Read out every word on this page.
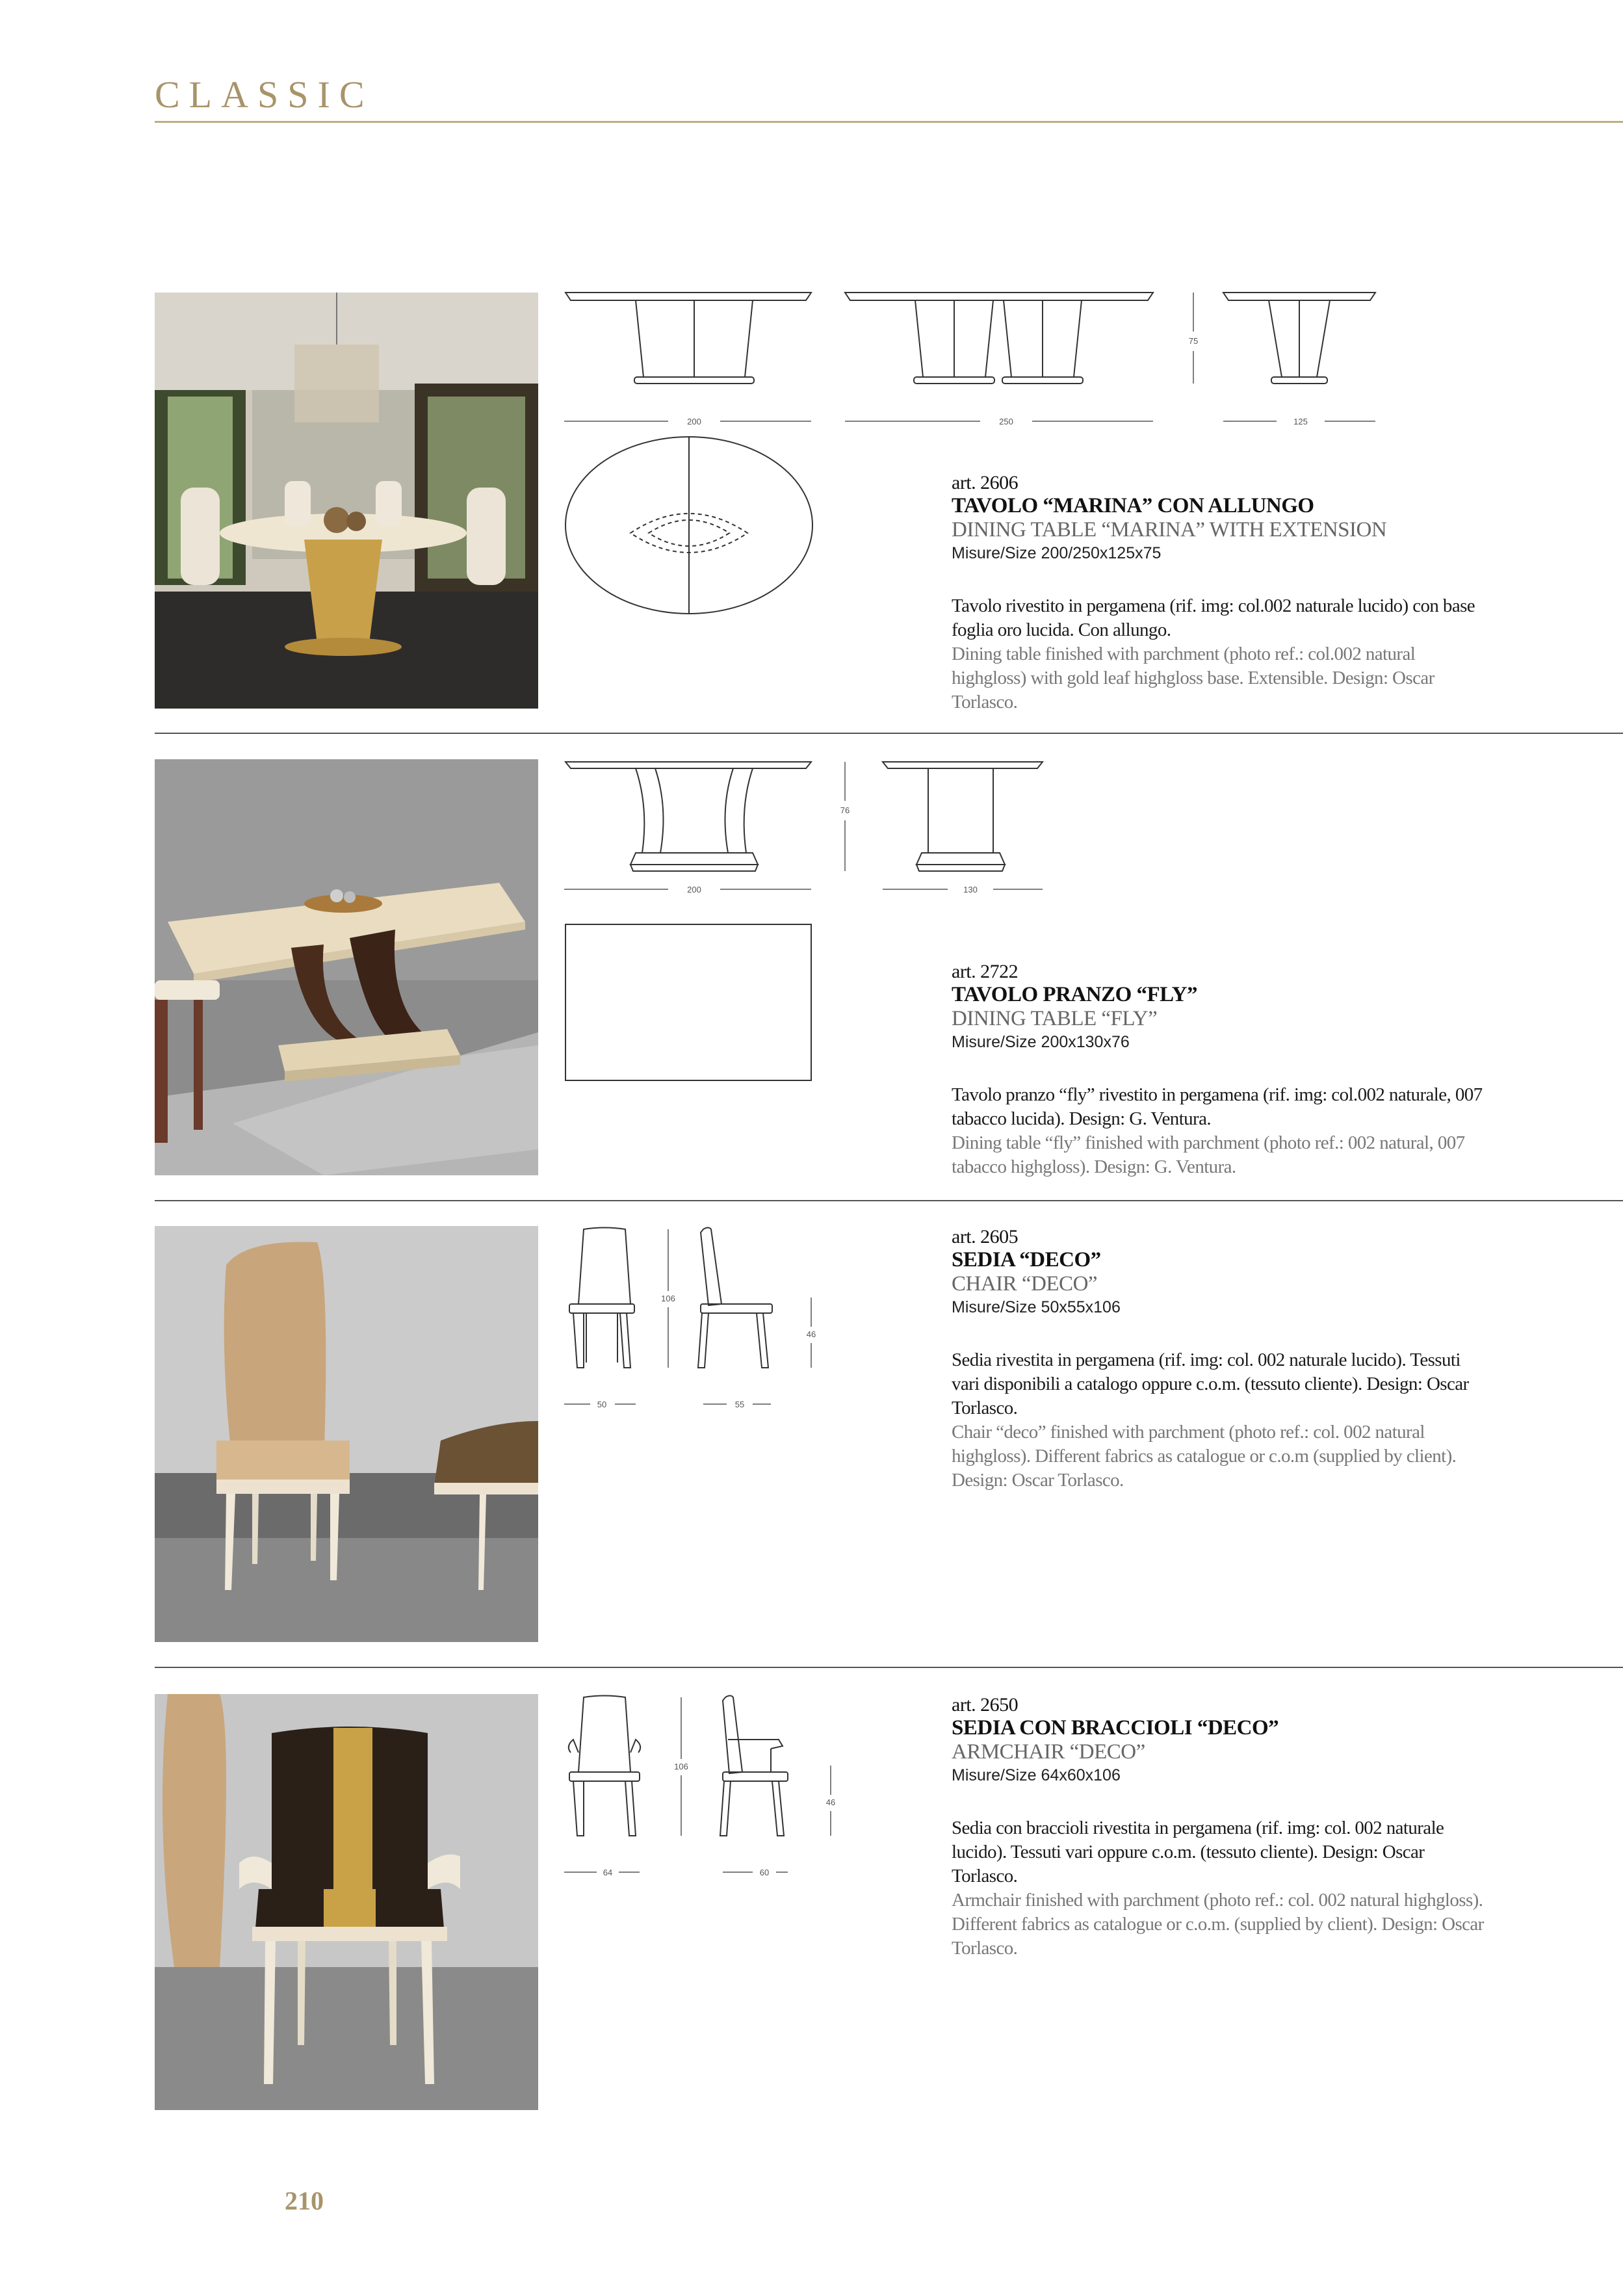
CLASSIC
200	250	125
75
art. 2606
TAVOLO “MARINA” CON ALLUNGO
DINING TABLE “MARINA” WITH EXTENSION
Misure/Size 200/250x125x75
Tavolo rivestito in pergamena (rif. img: col.002 naturale lucido) con base foglia oro lucida. Con allungo.
Dining table finished with parchment (photo ref.: col.002 natural highgloss) with gold leaf highgloss base. Extensible. Design: Oscar Torlasco.
200	130
76
art. 2722
TAVOLO PRANZO “FLY”
DINING TABLE “FLY”
Misure/Size 200x130x76
Tavolo pranzo “fly” rivestito in pergamena (rif. img: col.002 naturale, 007 tabacco lucida). Design: G. Ventura.
Dining table “fly” finished with parchment (photo ref.: 002 natural, 007 tabacco highgloss). Design: G. Ventura.
50	55
106
46
art. 2605
SEDIA “DECO”
CHAIR “DECO”
Misure/Size 50x55x106
Sedia rivestita in pergamena (rif. img: col. 002 naturale lucido). Tessuti vari disponibili a catalogo oppure c.o.m. (tessuto cliente). Design: Oscar Torlasco.
Chair “deco” finished with parchment (photo ref.: col. 002 natural highgloss). Different fabrics as catalogue or c.o.m (supplied by client). Design: Oscar Torlasco.
64	60
106
46
art. 2650
SEDIA CON BRACCIOLI “DECO”
ARMCHAIR “DECO”
Misure/Size 64x60x106
Sedia con braccioli rivestita in pergamena (rif. img: col. 002 naturale lucido). Tessuti vari oppure c.o.m. (tessuto cliente). Design: Oscar Torlasco.
Armchair finished with parchment (photo ref.: col. 002 natural highgloss). Different fabrics as catalogue or c.o.m. (supplied by client). Design: Oscar Torlasco.
210
